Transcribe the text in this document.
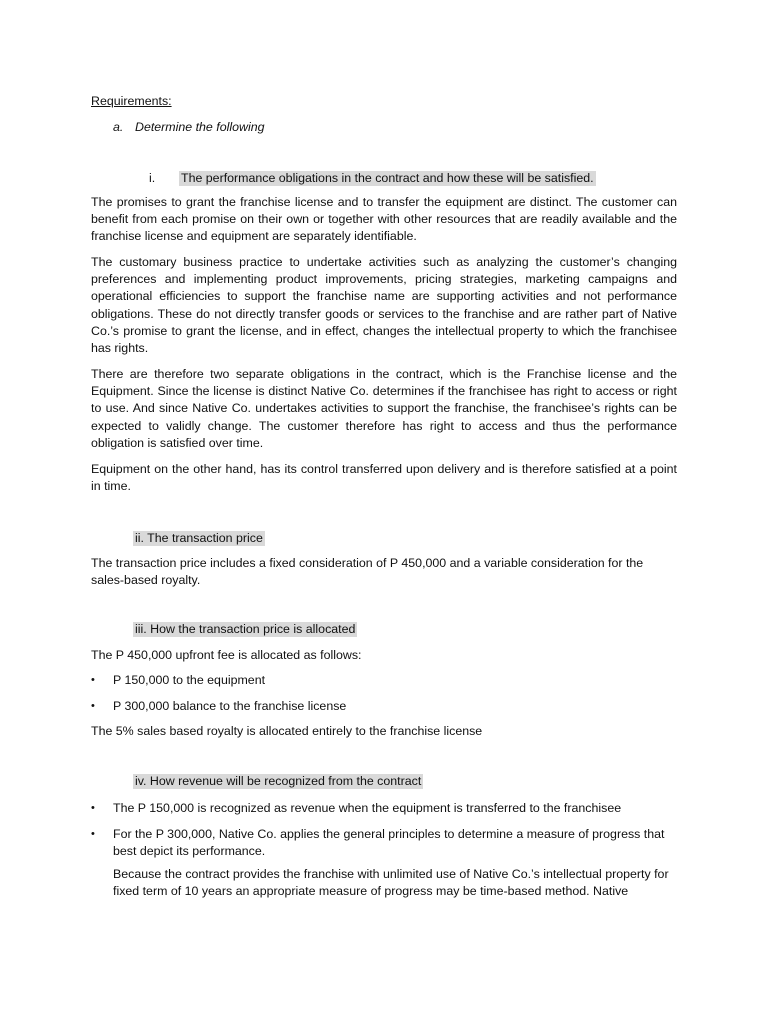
Requirements:

a. Determine the following

i. The performance obligations in the contract and how these will be satisfied.

The promises to grant the franchise license and to transfer the equipment are distinct. The customer can benefit from each promise on their own or together with other resources that are readily available and the franchise license and equipment are separately identifiable.

The customary business practice to undertake activities such as analyzing the customer’s changing preferences and implementing product improvements, pricing strategies, marketing campaigns and operational efficiencies to support the franchise name are supporting activities and not performance obligations. These do not directly transfer goods or services to the franchise and are rather part of Native Co.’s promise to grant the license, and in effect, changes the intellectual property to which the franchisee has rights.

There are therefore two separate obligations in the contract, which is the Franchise license and the Equipment. Since the license is distinct Native Co. determines if the franchisee has right to access or right to use. And since Native Co. undertakes activities to support the franchise, the franchisee’s rights can be expected to validly change. The customer therefore has right to access and thus the performance obligation is satisfied over time.

Equipment on the other hand, has its control transferred upon delivery and is therefore satisfied at a point in time.

ii. The transaction price

The transaction price includes a fixed consideration of P 450,000 and a variable consideration for the sales-based royalty.

iii. How the transaction price is allocated

The P 450,000 upfront fee is allocated as follows:

• P 150,000 to the equipment
• P 300,000 balance to the franchise license

The 5% sales based royalty is allocated entirely to the franchise license

iv. How revenue will be recognized from the contract

• The P 150,000 is recognized as revenue when the equipment is transferred to the franchisee
• For the P 300,000, Native Co. applies the general principles to determine a measure of progress that best depict its performance.

Because the contract provides the franchise with unlimited use of Native Co.’s intellectual property for fixed term of 10 years an appropriate measure of progress may be time-based method. Native
